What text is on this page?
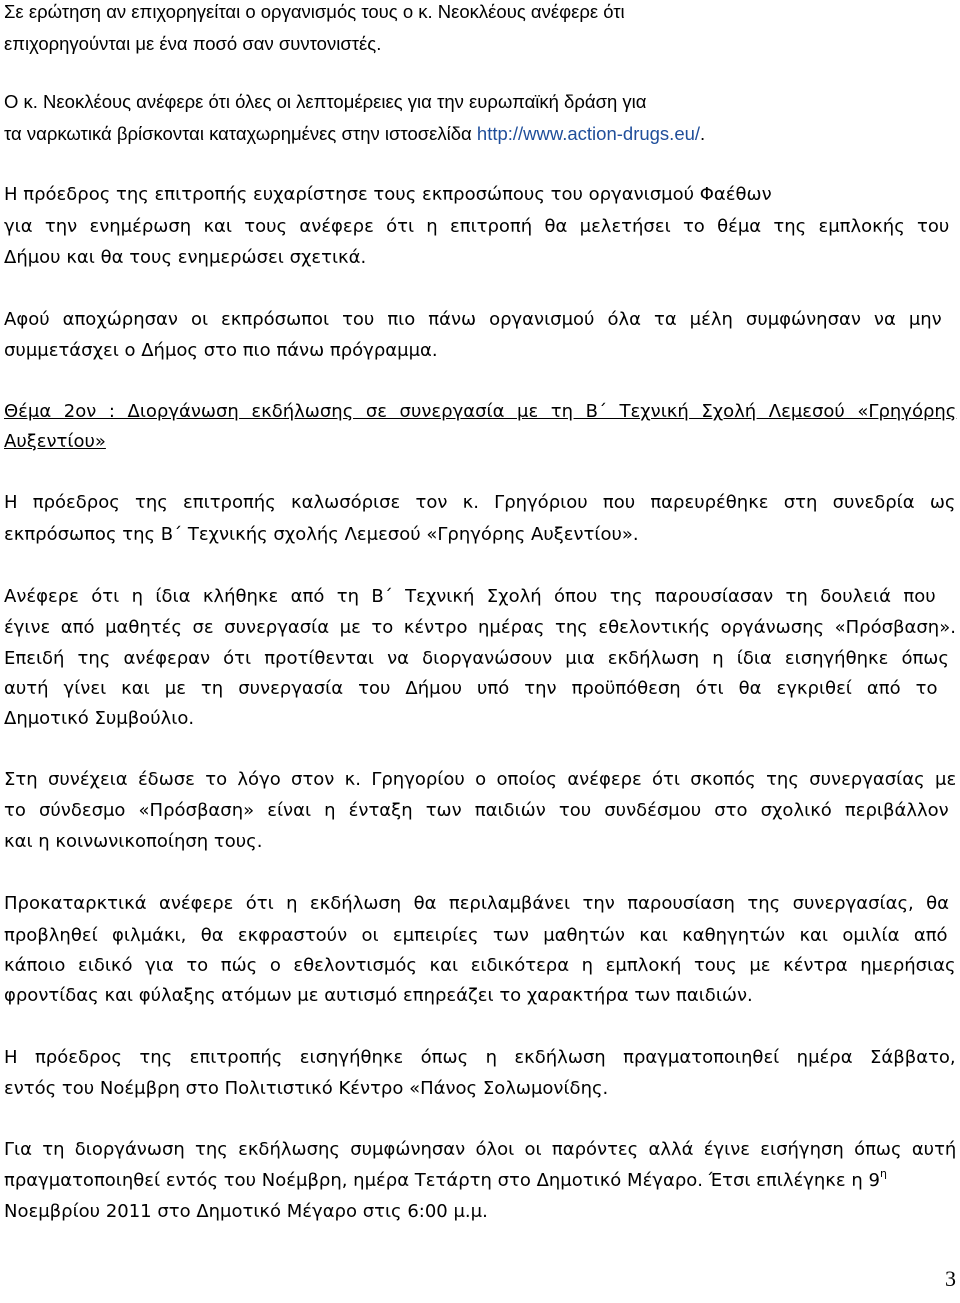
Σε ερώτηση αν επιχορηγείται ο οργανισμός τους ο κ. Νεοκλέους ανέφερε ότι
επιχορηγούνται με ένα ποσό σαν συντονιστές.
Ο κ. Νεοκλέους ανέφερε ότι όλες οι λεπτομέρειες για την ευρωπαϊκή δράση για
τα ναρκωτικά βρίσκονται καταχωρημένες στην ιστοσελίδα http://www.action-drugs.eu/.
Η πρόεδρος της επιτροπής ευχαρίστησε τους εκπροσώπους του οργανισμού Φαέθων
για την ενημέρωση και τους ανέφερε ότι η επιτροπή θα μελετήσει το θέμα της εμπλοκής του
Δήμου και θα τους ενημερώσει σχετικά.
Αφού αποχώρησαν οι εκπρόσωποι του πιο πάνω οργανισμού όλα τα μέλη συμφώνησαν να μην
συμμετάσχει ο Δήμος στο πιο πάνω πρόγραμμα.
Θέμα 2ον : Διοργάνωση εκδήλωσης σε συνεργασία με τη Β΄ Τεχνική Σχολή Λεμεσού «Γρηγόρης
Αυξεντίου»
Η πρόεδρος της επιτροπής καλωσόρισε τον κ. Γρηγόριου που παρευρέθηκε στη συνεδρία ως
εκπρόσωπος της Β΄ Τεχνικής σχολής Λεμεσού «Γρηγόρης Αυξεντίου».
Ανέφερε ότι η ίδια κλήθηκε από τη Β΄ Τεχνική Σχολή όπου της παρουσίασαν τη δουλειά που
έγινε από μαθητές σε συνεργασία με το κέντρο ημέρας της εθελοντικής οργάνωσης «Πρόσβαση».
Επειδή της ανέφεραν ότι προτίθενται να διοργανώσουν μια εκδήλωση η ίδια εισηγήθηκε όπως
αυτή γίνει και με τη συνεργασία του Δήμου υπό την προϋπόθεση ότι θα εγκριθεί από το
Δημοτικό Συμβούλιο.
Στη συνέχεια έδωσε το λόγο στον κ. Γρηγορίου ο οποίος ανέφερε ότι σκοπός της συνεργασίας με
το σύνδεσμο «Πρόσβαση» είναι η ένταξη των παιδιών του συνδέσμου στο σχολικό περιβάλλον
και η κοινωνικοποίηση τους.
Προκαταρκτικά ανέφερε ότι η εκδήλωση θα περιλαμβάνει την παρουσίαση της συνεργασίας, θα
προβληθεί φιλμάκι, θα εκφραστούν οι εμπειρίες των μαθητών και καθηγητών και ομιλία από
κάποιο ειδικό για το πώς ο εθελοντισμός και ειδικότερα η εμπλοκή τους με κέντρα ημερήσιας
φροντίδας και φύλαξης ατόμων με αυτισμό επηρεάζει το χαρακτήρα των παιδιών.
Η πρόεδρος της επιτροπής εισηγήθηκε όπως η εκδήλωση πραγματοποιηθεί ημέρα Σάββατο,
εντός του Νοέμβρη στο Πολιτιστικό Κέντρο «Πάνος Σολωμονίδης.
Για τη διοργάνωση της εκδήλωσης συμφώνησαν όλοι οι παρόντες αλλά έγινε εισήγηση όπως αυτή
πραγματοποιηθεί εντός του Νοέμβρη, ημέρα Τετάρτη στο Δημοτικό Μέγαρο. Έτσι επιλέγηκε η $9^\eta$
Νοεμβρίου 2011 στο Δημοτικό Μέγαρο στις 6:00 μ.μ.
3
